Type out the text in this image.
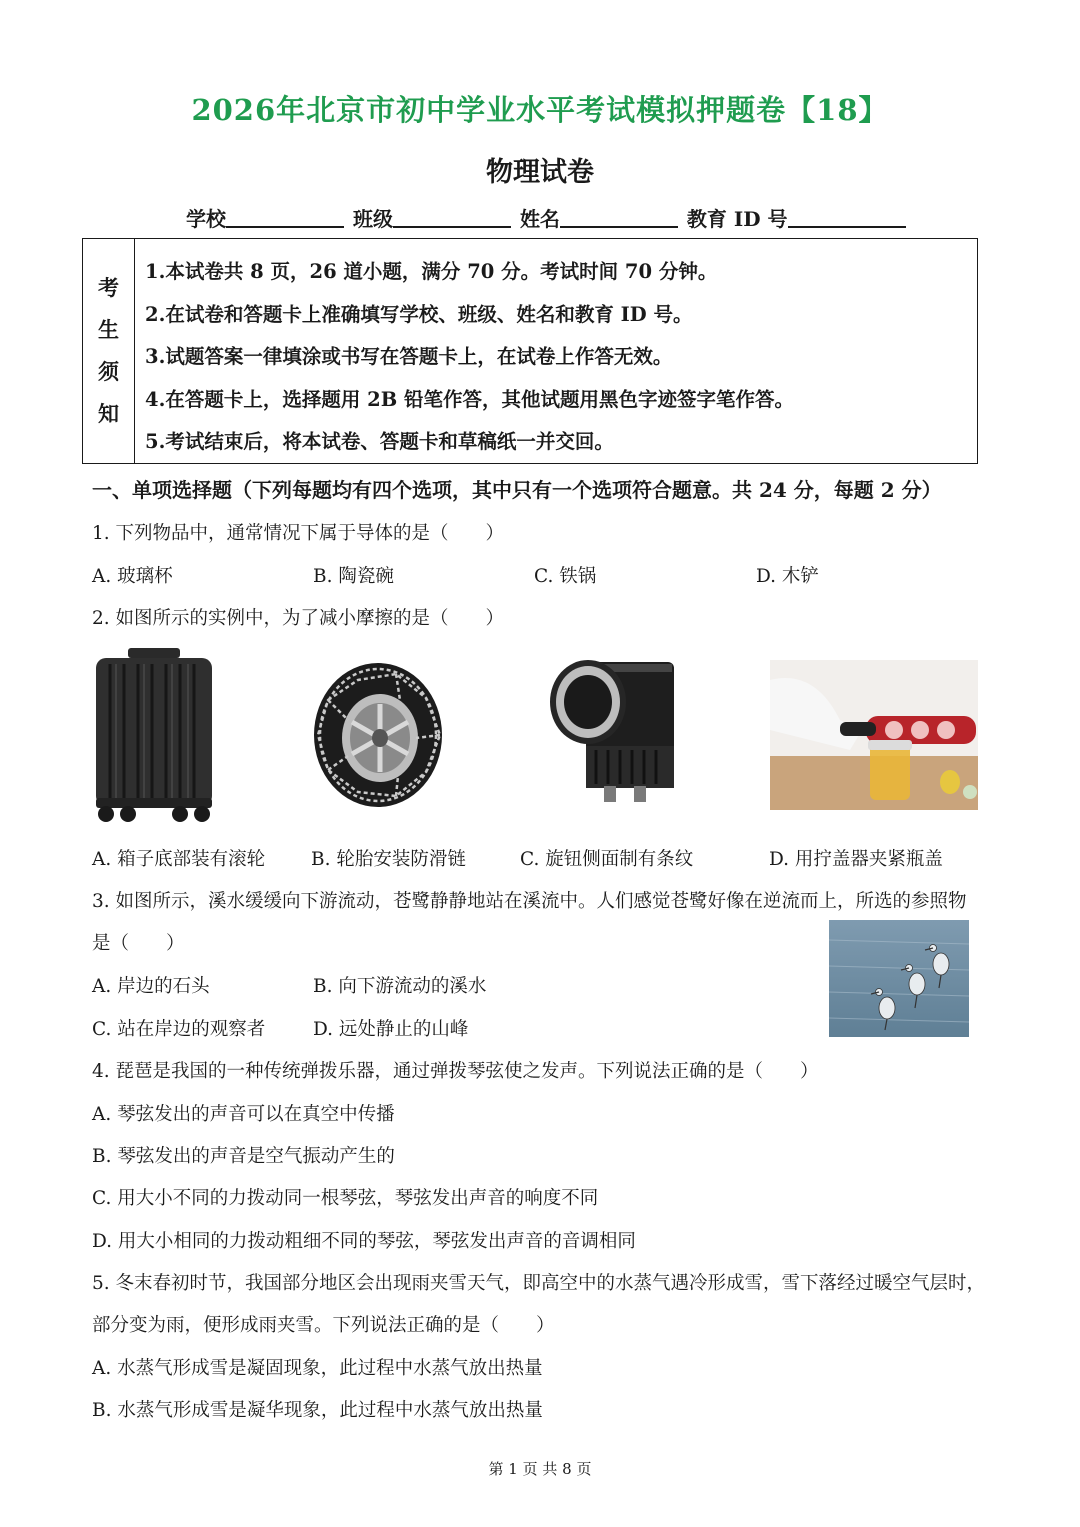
2026年北京市初中学业水平考试模拟押题卷【18】
物理试卷
学校	班级	姓名	教育 ID 号
考
生
须
知
1.本试卷共 8 页，26 道小题，满分 70 分。考试时间 70 分钟。
2.在试卷和答题卡上准确填写学校、班级、姓名和教育 ID 号。
3.试题答案一律填涂或书写在答题卡上，在试卷上作答无效。
4.在答题卡上，选择题用 2B 铅笔作答，其他试题用黑色字迹签字笔作答。
5.考试结束后，将本试卷、答题卡和草稿纸一并交回。
一、单项选择题（下列每题均有四个选项，其中只有一个选项符合题意。共 24 分，每题 2 分）
1. 下列物品中，通常情况下属于导体的是（　　）
A. 玻璃杯	B. 陶瓷碗	C. 铁锅	D. 木铲
2. 如图所示的实例中，为了减小摩擦的是（　　）
A. 箱子底部装有滚轮 B. 轮胎安装防滑链	C. 旋钮侧面制有条纹	D. 用拧盖器夹紧瓶盖
3. 如图所示，溪水缓缓向下游流动，苍鹭静静地站在溪流中。人们感觉苍鹭好像在逆流而上，所选的参照物
是（　　）
A. 岸边的石头	B. 向下游流动的溪水
C. 站在岸边的观察者	D. 远处静止的山峰
4. 琵琶是我国的一种传统弹拨乐器，通过弹拨琴弦使之发声。下列说法正确的是（　　）
A. 琴弦发出的声音可以在真空中传播
B. 琴弦发出的声音是空气振动产生的
C. 用大小不同的力拨动同一根琴弦，琴弦发出声音的响度不同
D. 用大小相同的力拨动粗细不同的琴弦，琴弦发出声音的音调相同
5. 冬末春初时节，我国部分地区会出现雨夹雪天气，即高空中的水蒸气遇冷形成雪，雪下落经过暖空气层时，
部分变为雨，便形成雨夹雪。下列说法正确的是（　　）
A. 水蒸气形成雪是凝固现象，此过程中水蒸气放出热量
B. 水蒸气形成雪是凝华现象，此过程中水蒸气放出热量
第 1 页 共 8 页
